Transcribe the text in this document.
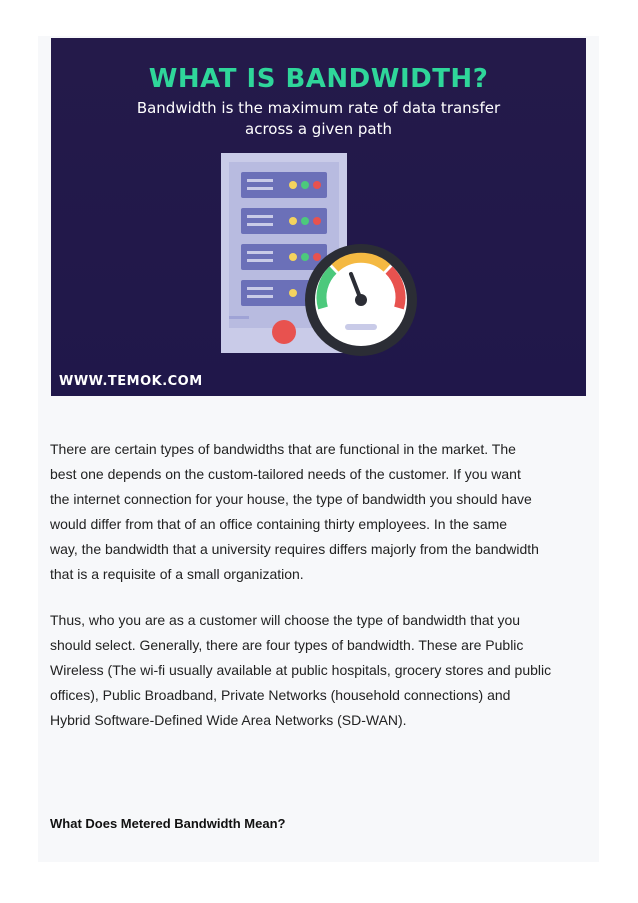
WHAT IS BANDWIDTH?
Bandwidth is the maximum rate of data transfer
across a given path
WWW.TEMOK.COM

There are certain types of bandwidths that are functional in the market. The
best one depends on the custom-tailored needs of the customer. If you want
the internet connection for your house, the type of bandwidth you should have
would differ from that of an office containing thirty employees. In the same
way, the bandwidth that a university requires differs majorly from the bandwidth
that is a requisite of a small organization.

Thus, who you are as a customer will choose the type of bandwidth that you
should select. Generally, there are four types of bandwidth. These are Public
Wireless (The wi-fi usually available at public hospitals, grocery stores and public
offices), Public Broadband, Private Networks (household connections) and
Hybrid Software-Defined Wide Area Networks (SD-WAN).

What Does Metered Bandwidth Mean?
